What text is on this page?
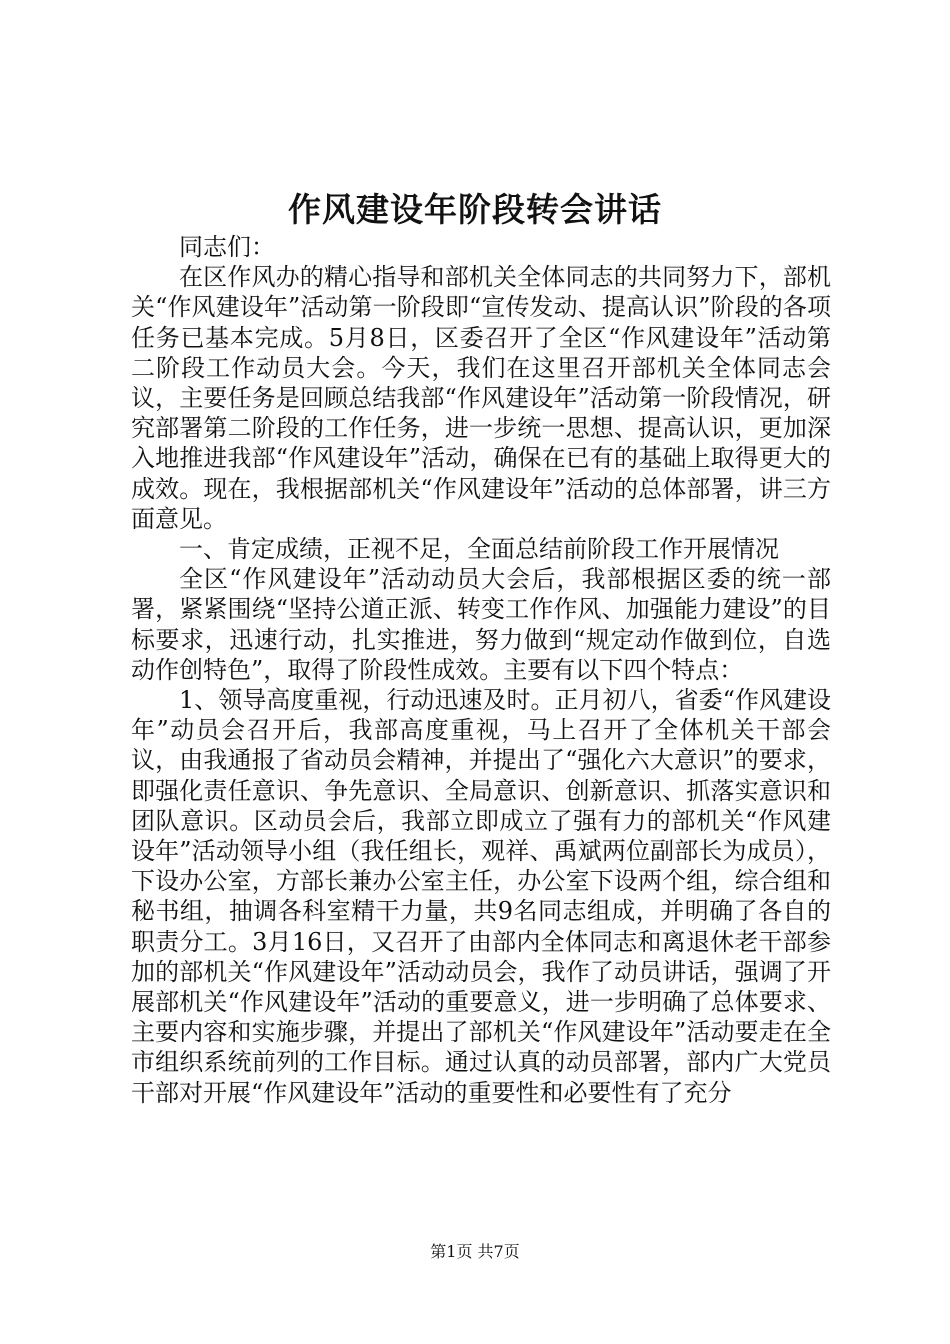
作风建设年阶段转会讲话

同志们：

在区作风办的精心指导和部机关全体同志的共同努力下，部机关“作风建设年”活动第一阶段即“宣传发动、提高认识”阶段的各项任务已基本完成。5月8日，区委召开了全区“作风建设年”活动第二阶段工作动员大会。今天，我们在这里召开部机关全体同志会议，主要任务是回顾总结我部“作风建设年”活动第一阶段情况，研究部署第二阶段的工作任务，进一步统一思想、提高认识，更加深入地推进我部“作风建设年”活动，确保在已有的基础上取得更大的成效。现在，我根据部机关“作风建设年”活动的总体部署，讲三方面意见。

一、肯定成绩，正视不足，全面总结前阶段工作开展情况

全区“作风建设年”活动动员大会后，我部根据区委的统一部署，紧紧围绕“坚持公道正派、转变工作作风、加强能力建设”的目标要求，迅速行动，扎实推进，努力做到“规定动作做到位，自选动作创特色”，取得了阶段性成效。主要有以下四个特点：

1、领导高度重视，行动迅速及时。正月初八，省委“作风建设年”动员会召开后，我部高度重视，马上召开了全体机关干部会议，由我通报了省动员会精神，并提出了“强化六大意识”的要求，即强化责任意识、争先意识、全局意识、创新意识、抓落实意识和团队意识。区动员会后，我部立即成立了强有力的部机关“作风建设年”活动领导小组（我任组长，观祥、禹斌两位副部长为成员），下设办公室，方部长兼办公室主任，办公室下设两个组，综合组和秘书组，抽调各科室精干力量，共9名同志组成，并明确了各自的职责分工。3月16日，又召开了由部内全体同志和离退休老干部参加的部机关“作风建设年”活动动员会，我作了动员讲话，强调了开展部机关“作风建设年”活动的重要意义，进一步明确了总体要求、主要内容和实施步骤，并提出了部机关“作风建设年”活动要走在全市组织系统前列的工作目标。通过认真的动员部署，部内广大党员干部对开展“作风建设年”活动的重要性和必要性有了充分

第1页 共7页
